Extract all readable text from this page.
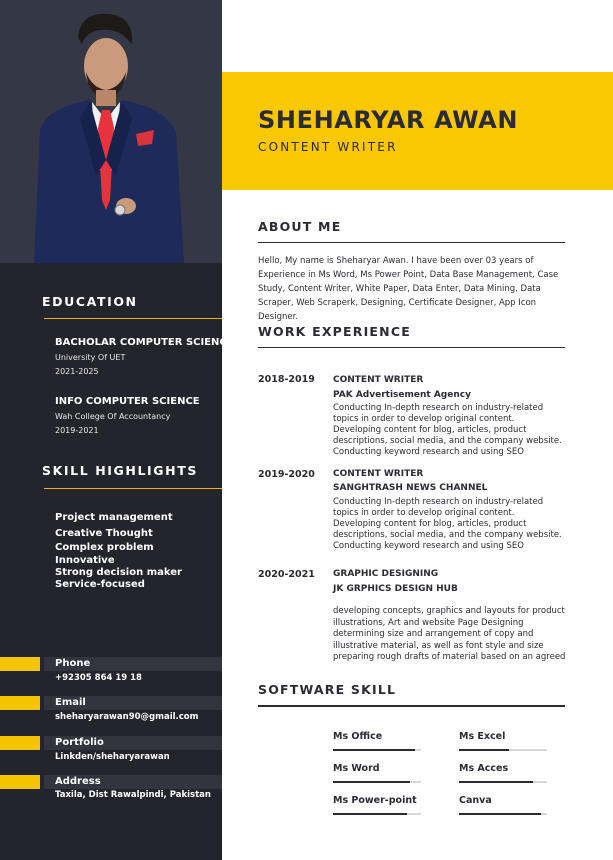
EDUCATION
BACHOLAR COMPUTER SCIENCE
University Of UET
2021-2025
INFO COMPUTER SCIENCE
Wah College Of Accountancy
2019-2021
SKILL HIGHLIGHTS
Project management
Creative Thought
Complex problem
Innovative
Strong decision maker
Service-focused
Phone
+92305 864 19 18
Email
sheharyarawan90@gmail.com
Portfolio
Linkden/sheharyarawan
Address
Taxila, Dist Rawalpindi, Pakistan
SHEHARYAR AWAN
CONTENT WRITER
ABOUT ME
Hello, My name is Sheharyar Awan. I have been over 03 years of Experience in Ms Word, Ms Power Point, Data Base Management, Case Study, Content Writer, White Paper, Data Enter, Data Mining, Data Scraper, Web Scraperk, Designing, Certificate Designer, App Icon Designer.
WORK EXPERIENCE
2018-2019 CONTENT WRITER
PAK Advertisement Agency
Conducting In-depth research on industry-related topics in order to develop original content.
Developing content for blog, articles, product descriptions, social media, and the company website.
Conducting keyword research and using SEO
2019-2020 CONTENT WRITER
SANGHTRASH NEWS CHANNEL
Conducting In-depth research on industry-related topics in order to develop original content.
Developing content for blog, articles, product descriptions, social media, and the company website.
Conducting keyword research and using SEO
2020-2021 GRAPHIC DESIGNING
JK GRPHICS DESIGN HUB
developing concepts, graphics and layouts for product illustrations, Art and website Page Designing
determining size and arrangement of copy and illustrative material, as well as font style and size
preparing rough drafts of material based on an agreed
SOFTWARE SKILL
Ms Office	Ms Excel
Ms Word	Ms Acces
Ms Power-point	Canva
